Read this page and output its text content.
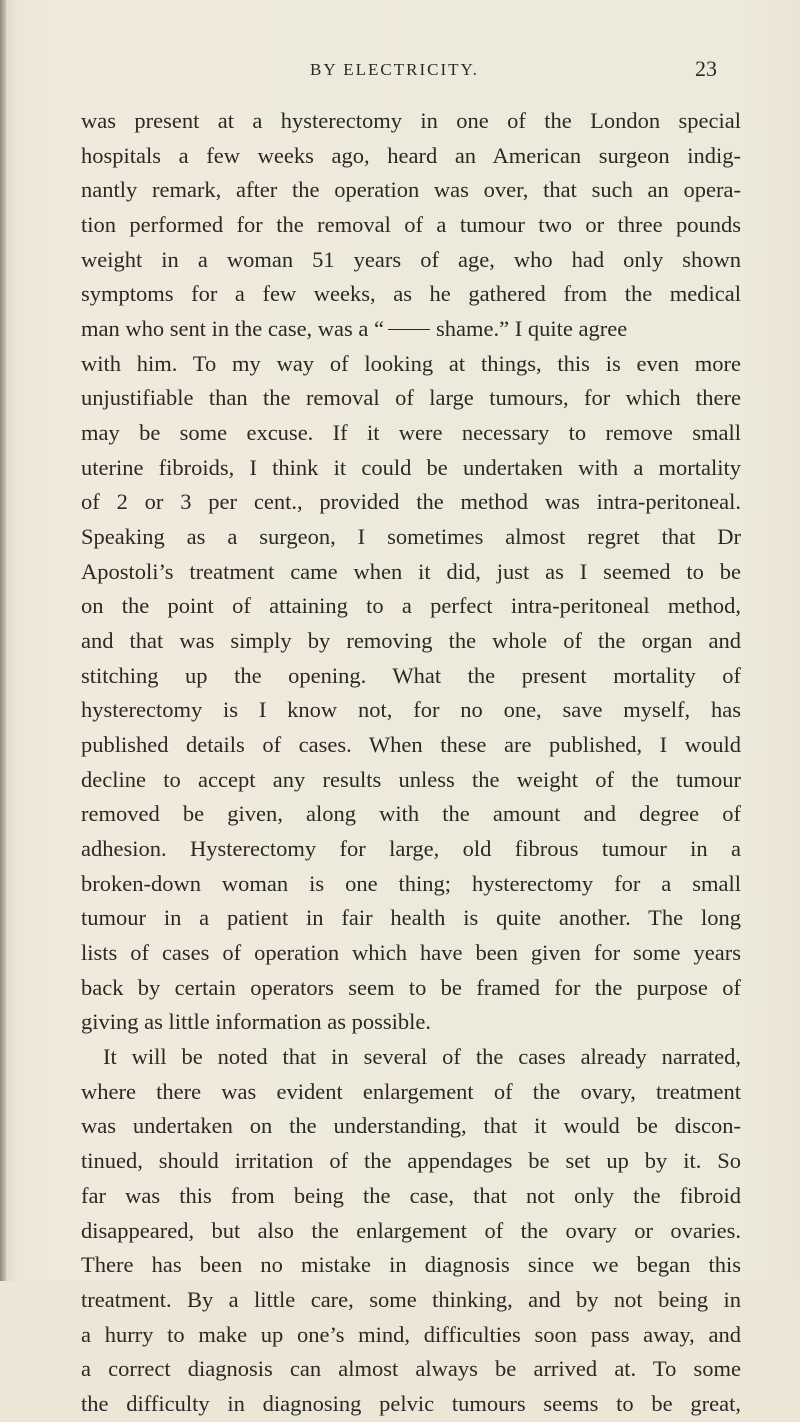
BY ELECTRICITY.	23
was present at a hysterectomy in one of the London special
hospitals a few weeks ago, heard an American surgeon indig-
nantly remark, after the operation was over, that such an opera-
tion performed for the removal of a tumour two or three pounds
weight in a woman 51 years of age, who had only shown
symptoms for a few weeks, as he gathered from the medical
man who sent in the case, was a “ shame.” I quite agree
with him. To my way of looking at things, this is even more
unjustifiable than the removal of large tumours, for which there
may be some excuse. If it were necessary to remove small
uterine fibroids, I think it could be undertaken with a mortality
of 2 or 3 per cent., provided the method was intra-peritoneal.
Speaking as a surgeon, I sometimes almost regret that Dr
Apostoli’s treatment came when it did, just as I seemed to be
on the point of attaining to a perfect intra-peritoneal method,
and that was simply by removing the whole of the organ and
stitching up the opening. What the present mortality of
hysterectomy is I know not, for no one, save myself, has
published details of cases. When these are published, I would
decline to accept any results unless the weight of the tumour
removed be given, along with the amount and degree of
adhesion. Hysterectomy for large, old fibrous tumour in a
broken-down woman is one thing; hysterectomy for a small
tumour in a patient in fair health is quite another. The long
lists of cases of operation which have been given for some years
back by certain operators seem to be framed for the purpose of
giving as little information as possible.
It will be noted that in several of the cases already narrated,
where there was evident enlargement of the ovary, treatment
was undertaken on the understanding, that it would be discon-
tinued, should irritation of the appendages be set up by it. So
far was this from being the case, that not only the fibroid
disappeared, but also the enlargement of the ovary or ovaries.
There has been no mistake in diagnosis since we began this
treatment. By a little care, some thinking, and by not being in
a hurry to make up one’s mind, difficulties soon pass away, and
a correct diagnosis can almost always be arrived at. To some
the difficulty in diagnosing pelvic tumours seems to be great,
